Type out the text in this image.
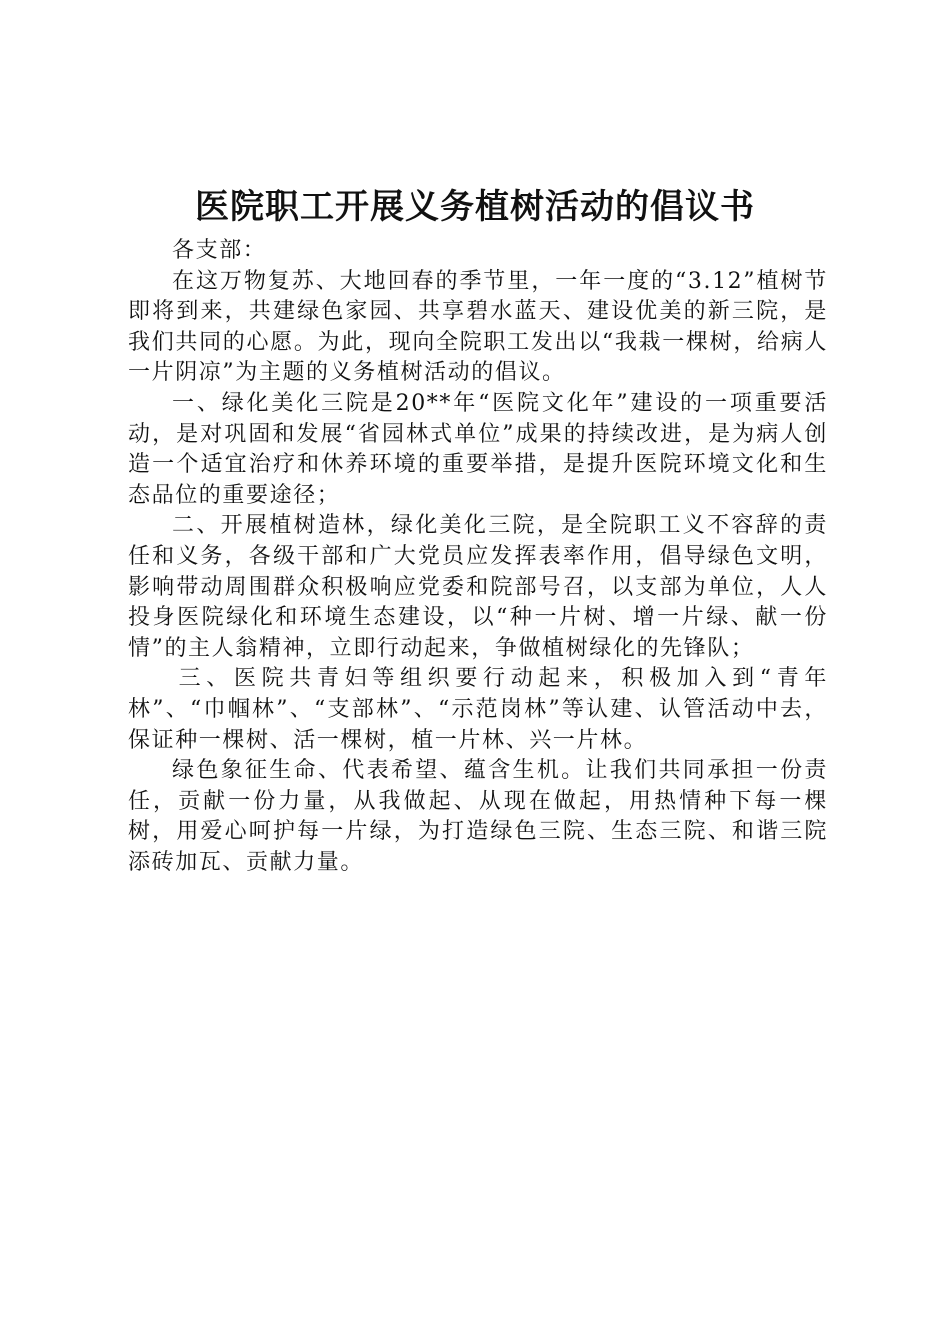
医院职工开展义务植树活动的倡议书

各支部：

在这万物复苏、大地回春的季节里，一年一度的“3.12”植树节即将到来，共建绿色家园、共享碧水蓝天、建设优美的新三院，是我们共同的心愿。为此，现向全院职工发出以“我栽一棵树，给病人一片阴凉”为主题的义务植树活动的倡议。

一、绿化美化三院是20**年“医院文化年”建设的一项重要活动，是对巩固和发展“省园林式单位”成果的持续改进，是为病人创造一个适宜治疗和休养环境的重要举措，是提升医院环境文化和生态品位的重要途径；

二、开展植树造林，绿化美化三院，是全院职工义不容辞的责任和义务，各级干部和广大党员应发挥表率作用，倡导绿色文明，影响带动周围群众积极响应党委和院部号召，以支部为单位，人人投身医院绿化和环境生态建设，以“种一片树、增一片绿、献一份情”的主人翁精神，立即行动起来，争做植树绿化的先锋队；

三、医院共青妇等组织要行动起来，积极加入到“青年林”、“巾帼林”、“支部林”、“示范岗林”等认建、认管活动中去，保证种一棵树、活一棵树，植一片林、兴一片林。

绿色象征生命、代表希望、蕴含生机。让我们共同承担一份责任，贡献一份力量，从我做起、从现在做起，用热情种下每一棵树，用爱心呵护每一片绿，为打造绿色三院、生态三院、和谐三院添砖加瓦、贡献力量。
